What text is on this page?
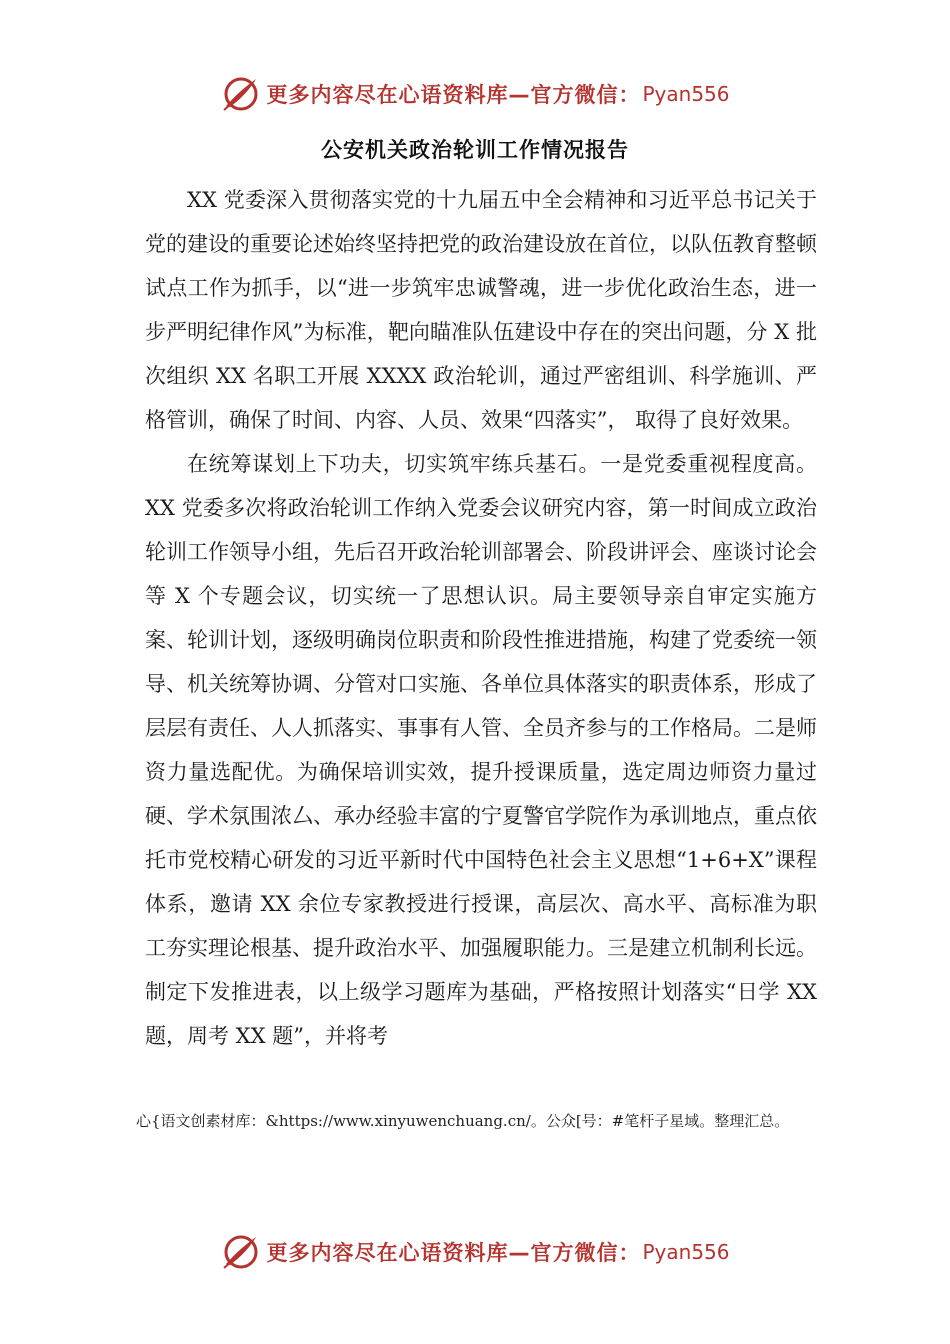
更多内容尽在心语资料库—官方微信： Pyan556
公安机关政治轮训工作情况报告

XX 党委深入贯彻落实党的十九届五中全会精神和习近平总书记关于党的建设的重要论述始终坚持把党的政治建设放在首位，以队伍教育整顿试点工作为抓手，以“进一步筑牢忠诚警魂，进一步优化政治生态，进一步严明纪律作风”为标准，靶向瞄准队伍建设中存在的突出问题，分 X 批次组织 XX 名职工开展 XXXX 政治轮训，通过严密组训、科学施训、严格管训，确保了时间、内容、人员、效果“四落实”， 取得了良好效果。

在统筹谋划上下功夫，切实筑牢练兵基石。一是党委重视程度高。XX 党委多次将政治轮训工作纳入党委会议研究内容，第一时间成立政治轮训工作领导小组，先后召开政治轮训部署会、阶段讲评会、座谈讨论会等 X 个专题会议，切实统一了思想认识。局主要领导亲自审定实施方案、轮训计划，逐级明确岗位职责和阶段性推进措施，构建了党委统一领导、机关统筹协调、分管对口实施、各单位具体落实的职责体系，形成了层层有责任、人人抓落实、事事有人管、全员齐参与的工作格局。二是师资力量选配优。为确保培训实效，提升授课质量，选定周边师资力量过硬、学术氛围浓厶、承办经验丰富的宁夏警官学院作为承训地点，重点依托市党校精心研发的习近平新时代中国特色社会主义思想“1+6+X”课程体系，邀请 XX 余位专家教授进行授课，高层次、高水平、高标准为职工夯实理论根基、提升政治水平、加强履职能力。三是建立机制利长远。制定下发推进表，以上级学习题库为基础，严格按照计划落实“日学 XX 题，周考 XX 题”，并将考

心{语文创素材库：&https://www.xinyuwenchuang.cn/。公众[号：#笔杆子星域。整理汇总。
更多内容尽在心语资料库—官方微信： Pyan556
